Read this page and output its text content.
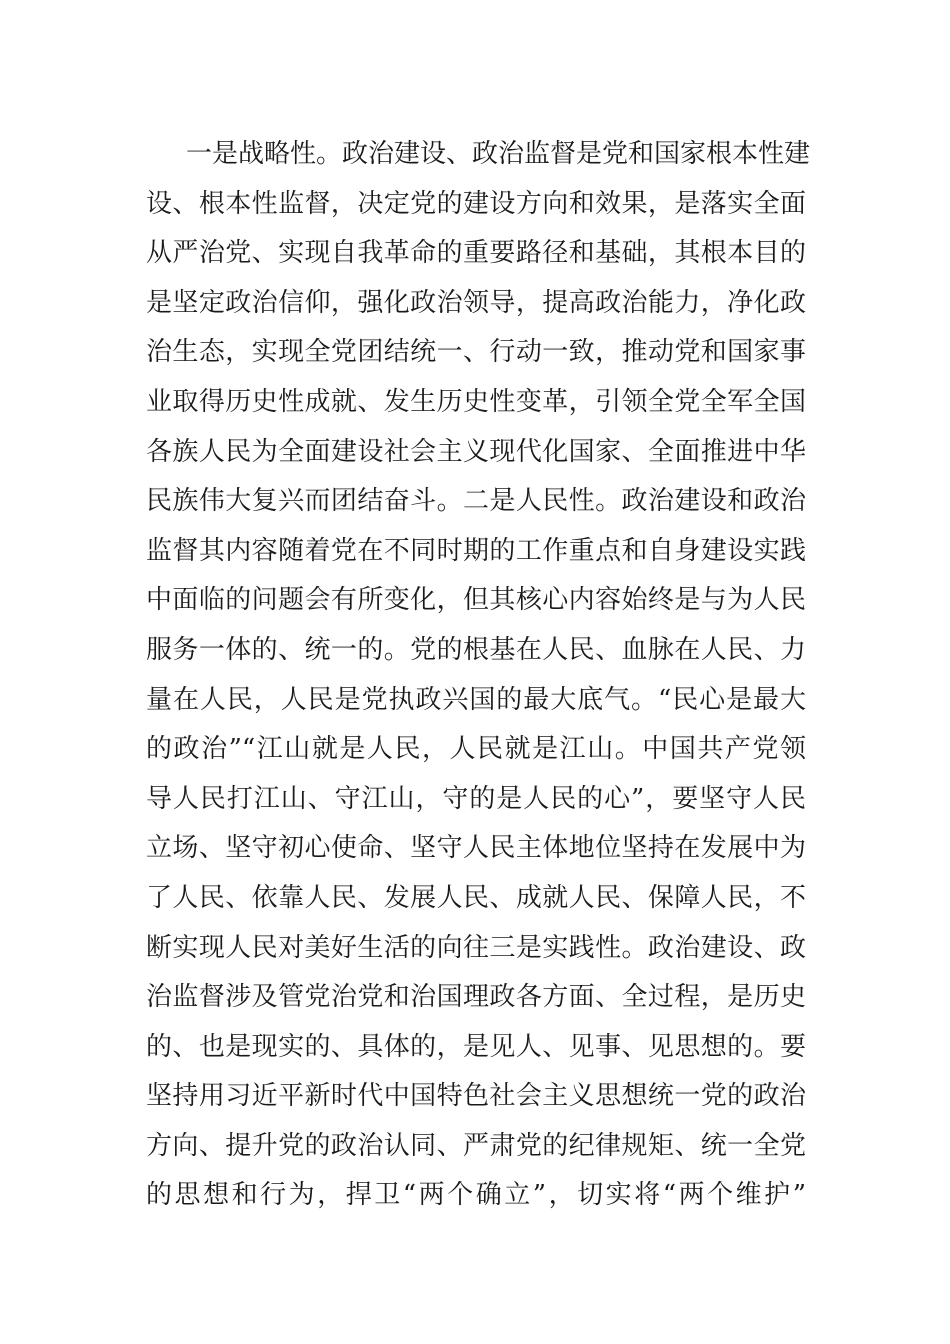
一是战略性。政治建设、政治监督是党和国家根本性建
设、根本性监督，决定党的建设方向和效果，是落实全面
从严治党、实现自我革命的重要路径和基础，其根本目的
是坚定政治信仰，强化政治领导，提高政治能力，净化政
治生态，实现全党团结统一、行动一致，推动党和国家事
业取得历史性成就、发生历史性变革，引领全党全军全国
各族人民为全面建设社会主义现代化国家、全面推进中华
民族伟大复兴而团结奋斗。二是人民性。政治建设和政治
监督其内容随着党在不同时期的工作重点和自身建设实践
中面临的问题会有所变化，但其核心内容始终是与为人民
服务一体的、统一的。党的根基在人民、血脉在人民、力
量在人民，人民是党执政兴国的最大底气。“民心是最大
的政治”“江山就是人民，人民就是江山。中国共产党领
导人民打江山、守江山，守的是人民的心”，要坚守人民
立场、坚守初心使命、坚守人民主体地位坚持在发展中为
了人民、依靠人民、发展人民、成就人民、保障人民，不
断实现人民对美好生活的向往三是实践性。政治建设、政
治监督涉及管党治党和治国理政各方面、全过程，是历史
的、也是现实的、具体的，是见人、见事、见思想的。要
坚持用习近平新时代中国特色社会主义思想统一党的政治
方向、提升党的政治认同、严肃党的纪律规矩、统一全党
的思想和行为，捍卫“两个确立”，切实将“两个维护”
